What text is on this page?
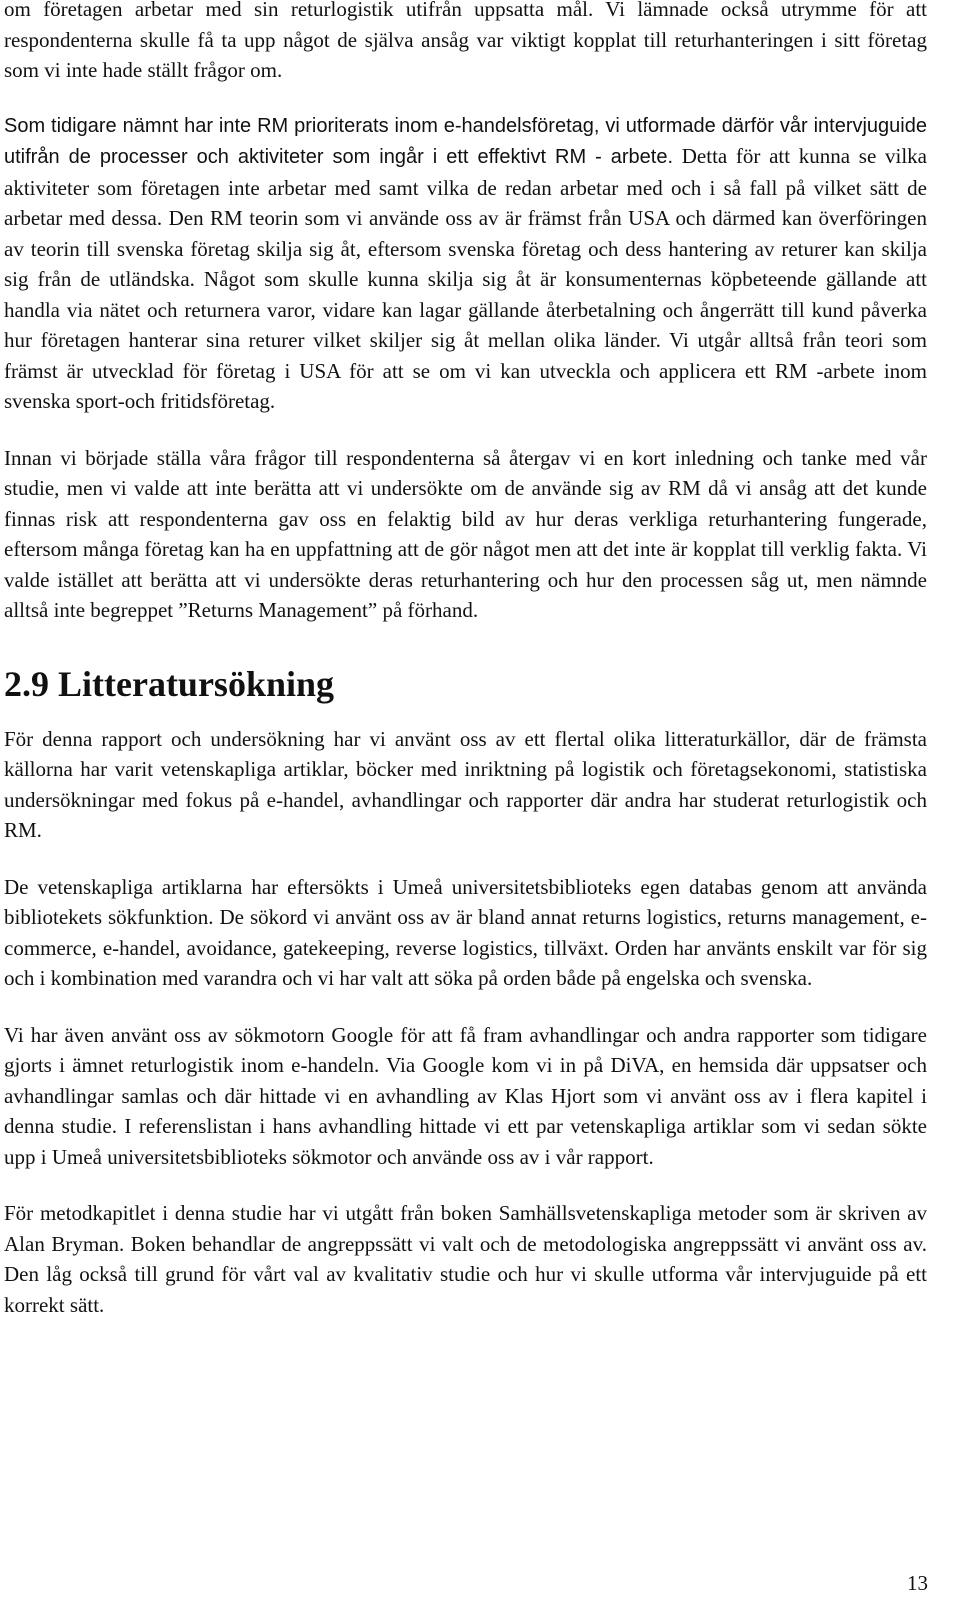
om företagen arbetar med sin returlogistik utifrån uppsatta mål. Vi lämnade också utrymme för att respondenterna skulle få ta upp något de själva ansåg var viktigt kopplat till returhanteringen i sitt företag som vi inte hade ställt frågor om.

Som tidigare nämnt har inte RM prioriterats inom e-handelsföretag, vi utformade därför vår intervjuguide utifrån de processer och aktiviteter som ingår i ett effektivt RM - arbete. Detta för att kunna se vilka aktiviteter som företagen inte arbetar med samt vilka de redan arbetar med och i så fall på vilket sätt de arbetar med dessa. Den RM teorin som vi använde oss av är främst från USA och därmed kan överföringen av teorin till svenska företag skilja sig åt, eftersom svenska företag och dess hantering av returer kan skilja sig från de utländska. Något som skulle kunna skilja sig åt är konsumenternas köpbeteende gällande att handla via nätet och returnera varor, vidare kan lagar gällande återbetalning och ångerrätt till kund påverka hur företagen hanterar sina returer vilket skiljer sig åt mellan olika länder. Vi utgår alltså från teori som främst är utvecklad för företag i USA för att se om vi kan utveckla och applicera ett RM -arbete inom svenska sport-och fritidsföretag.

Innan vi började ställa våra frågor till respondenterna så återgav vi en kort inledning och tanke med vår studie, men vi valde att inte berätta att vi undersökte om de använde sig av RM då vi ansåg att det kunde finnas risk att respondenterna gav oss en felaktig bild av hur deras verkliga returhantering fungerade, eftersom många företag kan ha en uppfattning att de gör något men att det inte är kopplat till verklig fakta. Vi valde istället att berätta att vi undersökte deras returhantering och hur den processen såg ut, men nämnde alltså inte begreppet ”Returns Management” på förhand.

2.9 Litteratursökning

För denna rapport och undersökning har vi använt oss av ett flertal olika litteraturkällor, där de främsta källorna har varit vetenskapliga artiklar, böcker med inriktning på logistik och företagsekonomi, statistiska undersökningar med fokus på e-handel, avhandlingar och rapporter där andra har studerat returlogistik och RM.

De vetenskapliga artiklarna har eftersökts i Umeå universitetsbiblioteks egen databas genom att använda bibliotekets sökfunktion. De sökord vi använt oss av är bland annat returns logistics, returns management, e-commerce, e-handel, avoidance, gatekeeping, reverse logistics, tillväxt. Orden har använts enskilt var för sig och i kombination med varandra och vi har valt att söka på orden både på engelska och svenska.

Vi har även använt oss av sökmotorn Google för att få fram avhandlingar och andra rapporter som tidigare gjorts i ämnet returlogistik inom e-handeln. Via Google kom vi in på DiVA, en hemsida där uppsatser och avhandlingar samlas och där hittade vi en avhandling av Klas Hjort som vi använt oss av i flera kapitel i denna studie. I referenslistan i hans avhandling hittade vi ett par vetenskapliga artiklar som vi sedan sökte upp i Umeå universitetsbiblioteks sökmotor och använde oss av i vår rapport.

För metodkapitlet i denna studie har vi utgått från boken Samhällsvetenskapliga metoder som är skriven av Alan Bryman. Boken behandlar de angreppssätt vi valt och de metodologiska angreppssätt vi använt oss av. Den låg också till grund för vårt val av kvalitativ studie och hur vi skulle utforma vår intervjuguide på ett korrekt sätt.

13
